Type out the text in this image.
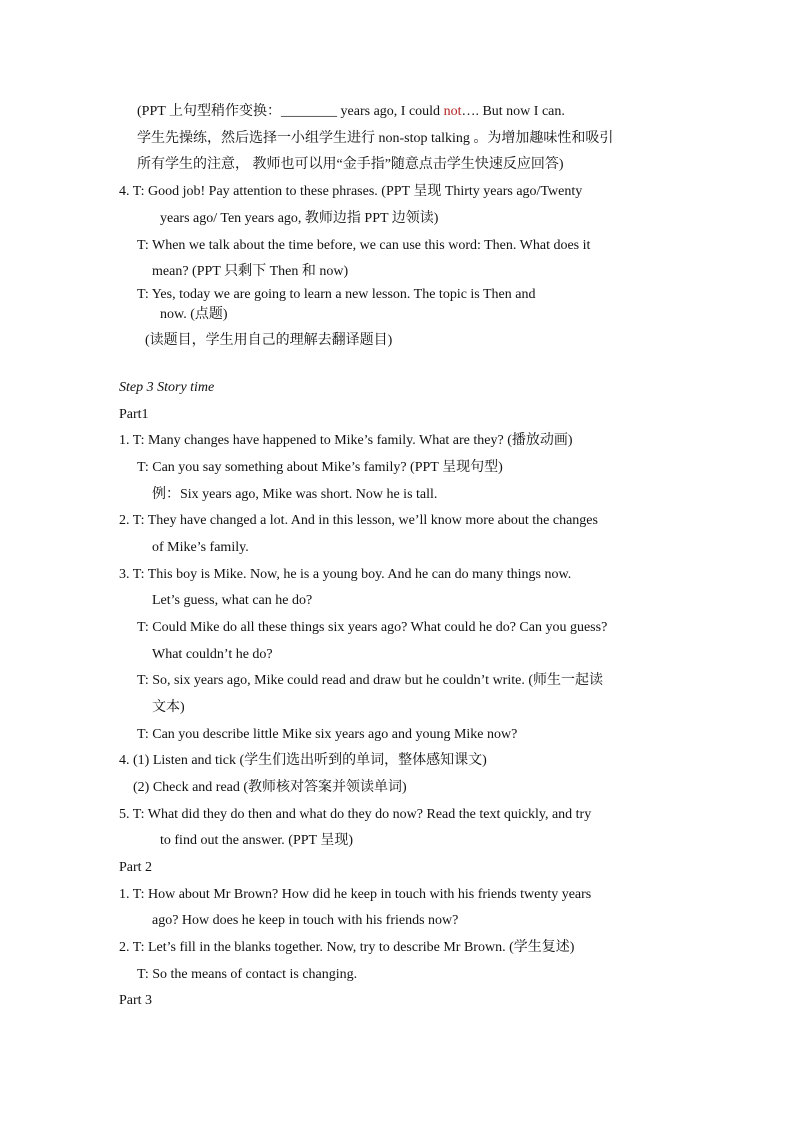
(PPT 上句型稍作变换：________ years ago, I could not…. But now I can.
学生先操练，然后选择一小组学生进行 non-stop talking 。为增加趣味性和吸引
所有学生的注意， 教师也可以用“金手指”随意点击学生快速反应回答)
4. T: Good job! Pay attention to these phrases. (PPT 呈现 Thirty years ago/Twenty
years ago/ Ten years ago, 教师边指 PPT 边领读)
T: When we talk about the time before, we can use this word: Then. What does it
mean? (PPT 只剩下 Then 和 now)
T: Yes, today we are going to learn a new lesson. The topic is Then and
now. (点题)
(读题目，学生用自己的理解去翻译题目)
Step 3 Story time
Part1
1. T: Many changes have happened to Mike’s family. What are they? (播放动画)
T: Can you say something about Mike’s family? (PPT 呈现句型)
例：Six years ago, Mike was short. Now he is tall.
2. T: They have changed a lot. And in this lesson, we’ll know more about the changes
of Mike’s family.
3. T: This boy is Mike. Now, he is a young boy. And he can do many things now.
Let’s guess, what can he do?
T: Could Mike do all these things six years ago? What could he do? Can you guess?
What couldn’t he do?
T: So, six years ago, Mike could read and draw but he couldn’t write. (师生一起读
文本)
T: Can you describe little Mike six years ago and young Mike now?
4. (1) Listen and tick (学生们选出听到的单词，整体感知课文)
(2) Check and read (教师核对答案并领读单词)
5. T: What did they do then and what do they do now? Read the text quickly, and try
to find out the answer. (PPT 呈现)
Part 2
1. T: How about Mr Brown? How did he keep in touch with his friends twenty years
ago? How does he keep in touch with his friends now?
2. T: Let’s fill in the blanks together. Now, try to describe Mr Brown. (学生复述)
T: So the means of contact is changing.
Part 3
